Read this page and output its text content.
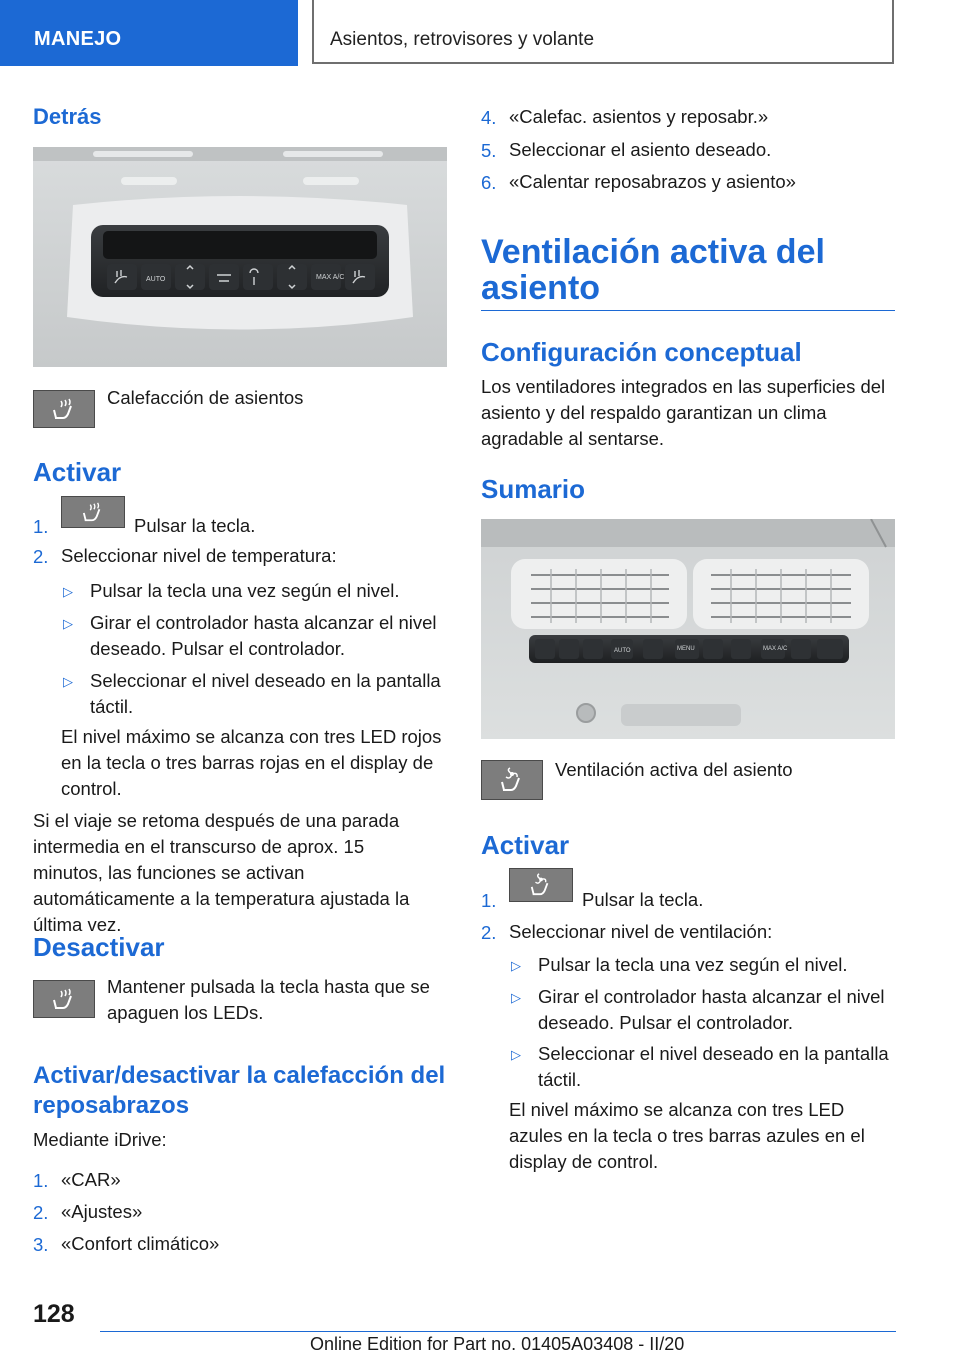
MANEJO	Asientos, retrovisores y volante
Detrás
AUTO	MAX A/C
Calefacción de asientos
Activar
1.	Pulsar la tecla.
2. Seleccionar nivel de temperatura:
▷ Pulsar la tecla una vez según el nivel.
▷ Girar el controlador hasta alcanzar el nivel deseado. Pulsar el controlador.
▷ Seleccionar el nivel deseado en la pantalla táctil.
El nivel máximo se alcanza con tres LED rojos en la tecla o tres barras rojas en el display de control.
Si el viaje se retoma después de una parada intermedia en el transcurso de aprox. 15 minutos, las funciones se activan automáticamente a la temperatura ajustada la última vez.
Desactivar
Mantener pulsada la tecla hasta que se apaguen los LEDs.
Activar/desactivar la calefacción del reposabrazos
Mediante iDrive:
1. «CAR»
2. «Ajustes»
3. «Confort climático»
4. «Calefac. asientos y reposabr.»
5. Seleccionar el asiento deseado.
6. «Calentar reposabrazos y asiento»
Ventilación activa del asiento
Configuración conceptual
Los ventiladores integrados en las superficies del asiento y del respaldo garantizan un clima agradable al sentarse.
Sumario
AUTO	MENU	MAX A/C
Ventilación activa del asiento
Activar
1.	Pulsar la tecla.
2. Seleccionar nivel de ventilación:
▷ Pulsar la tecla una vez según el nivel.
▷ Girar el controlador hasta alcanzar el nivel deseado. Pulsar el controlador.
▷ Seleccionar el nivel deseado en la pantalla táctil.
El nivel máximo se alcanza con tres LED azules en la tecla o tres barras azules en el display de control.
128
Online Edition for Part no. 01405A03408 - II/20
